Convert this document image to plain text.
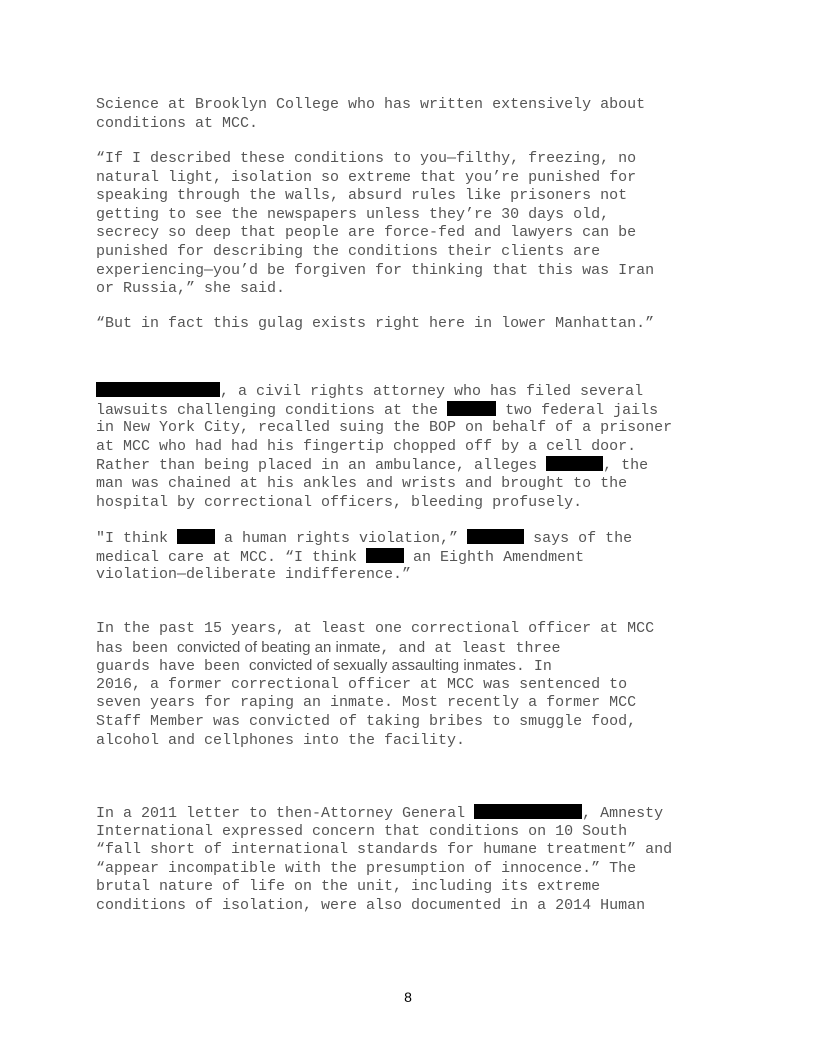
Science at Brooklyn College who has written extensively about
conditions at MCC.
“If I described these conditions to you—filthy, freezing, no
natural light, isolation so extreme that you’re punished for
speaking through the walls, absurd rules like prisoners not
getting to see the newspapers unless they’re 30 days old,
secrecy so deep that people are force-fed and lawyers can be
punished for describing the conditions their clients are
experiencing—you’d be forgiven for thinking that this was Iran
or Russia,” she said.
“But in fact this gulag exists right here in lower Manhattan.”
, a civil rights attorney who has filed several
lawsuits challenging conditions at the	two federal jails
in New York City, recalled suing the BOP on behalf of a prisoner
at MCC who had had his fingertip chopped off by a cell door.
Rather than being placed in an ambulance, alleges	, the
man was chained at his ankles and wrists and brought to the
hospital by correctional officers, bleeding profusely.
"I think	a human rights violation,”	says of the
medical care at MCC. “I think	an Eighth Amendment
violation—deliberate indifference.”
In the past 15 years, at least one correctional officer at MCC
has been convicted of beating an inmate, and at least three
guards have been convicted of sexually assaulting inmates. In
2016, a former correctional officer at MCC was sentenced to
seven years for raping an inmate. Most recently a former MCC
Staff Member was convicted of taking bribes to smuggle food,
alcohol and cellphones into the facility.
In a 2011 letter to then-Attorney General	, Amnesty
International expressed concern that conditions on 10 South
“fall short of international standards for humane treatment” and
“appear incompatible with the presumption of innocence.” The
brutal nature of life on the unit, including its extreme
conditions of isolation, were also documented in a 2014 Human
8
